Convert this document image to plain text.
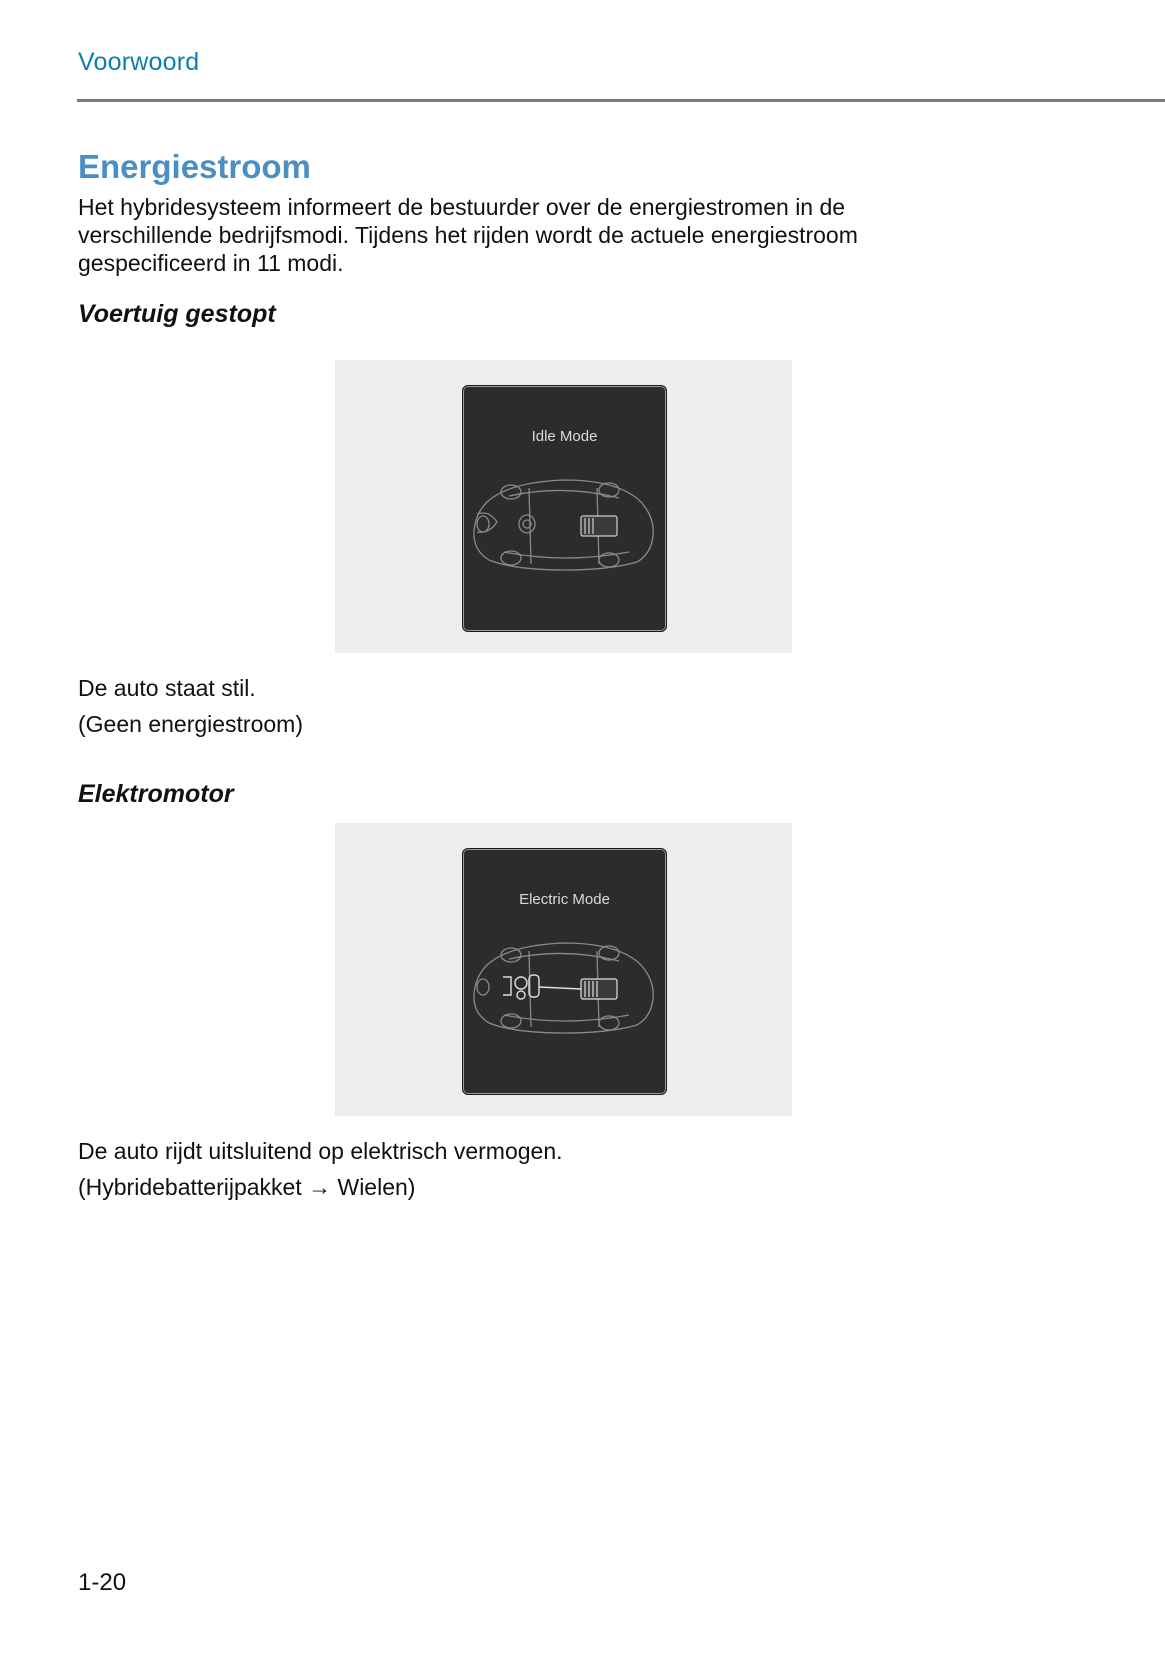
Voorwoord
Energiestroom

Het hybridesysteem informeert de bestuurder over de energiestromen in de verschillende bedrijfsmodi. Tijdens het rijden wordt de actuele energiestroom gespecificeerd in 11 modi.

Voertuig gestopt
Idle Mode

De auto staat stil.
(Geen energiestroom)

Elektromotor
Electric Mode

De auto rijdt uitsluitend op elektrisch vermogen.
(Hybridebatterijpakket → Wielen)

1-20
